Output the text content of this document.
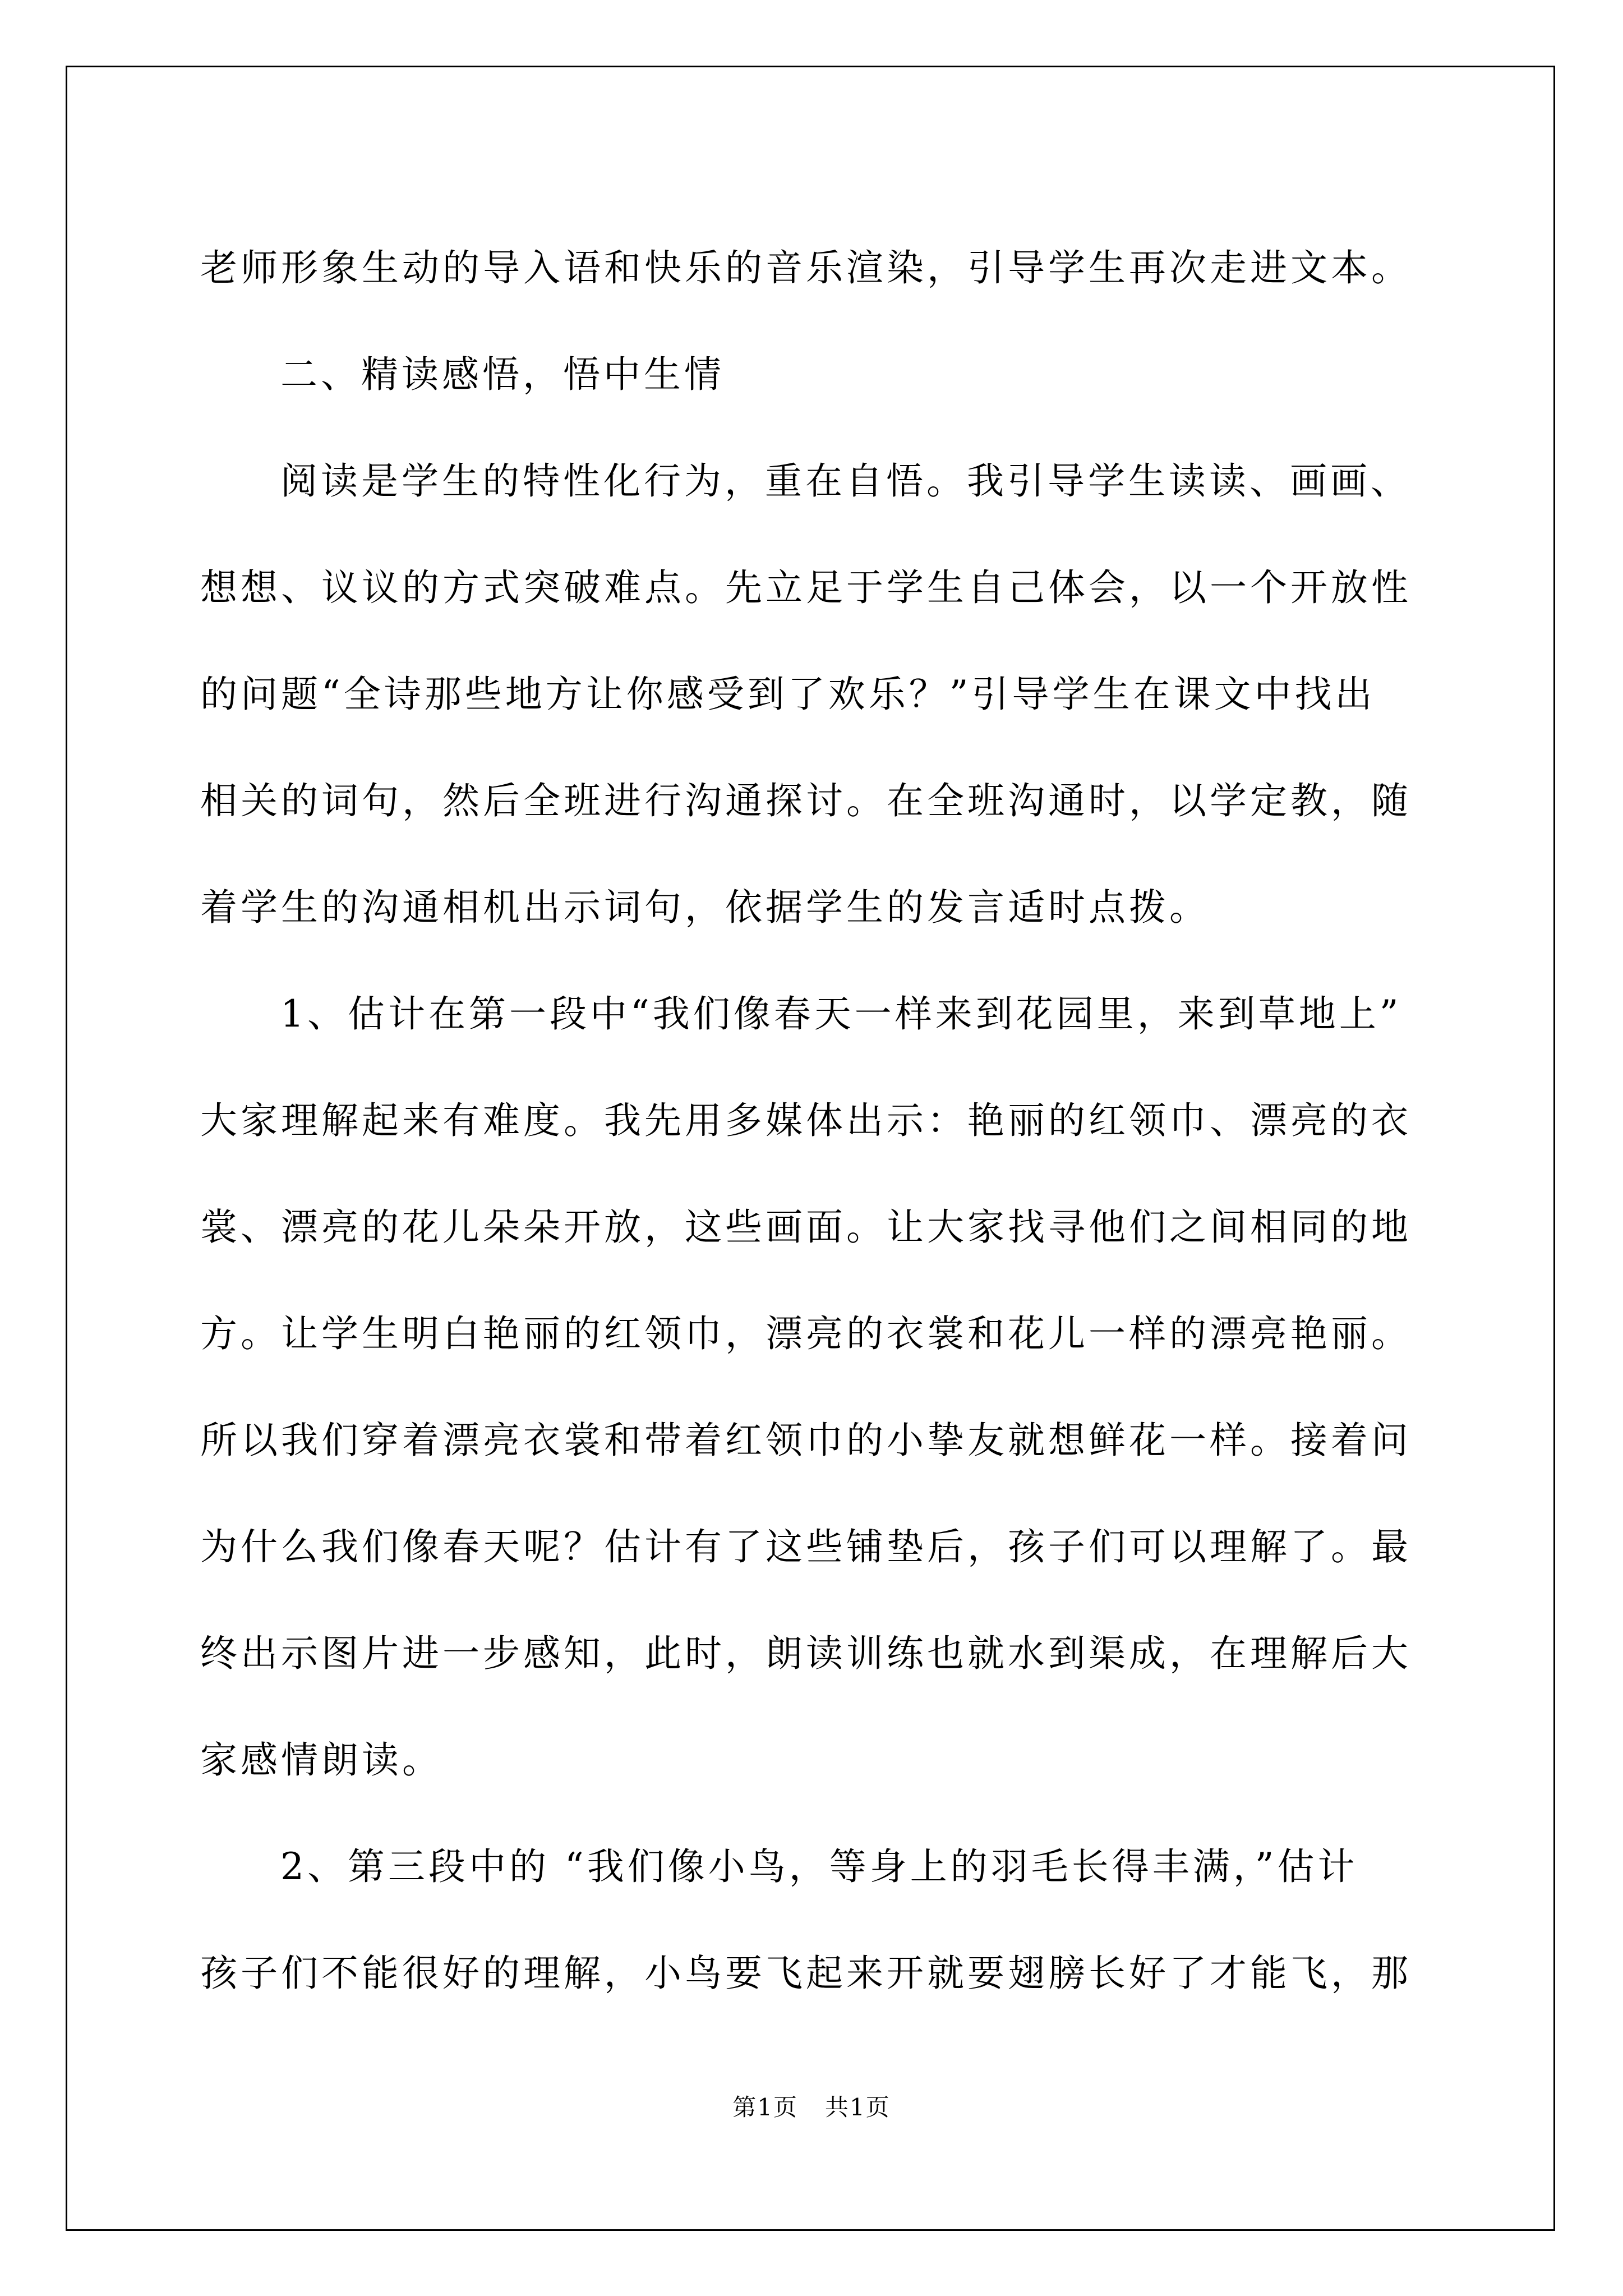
老师形象生动的导入语和快乐的音乐渲染，引导学生再次走进文本。
二、精读感悟，悟中生情
阅读是学生的特性化行为，重在自悟。我引导学生读读、画画、
想想、议议的方式突破难点。先立足于学生自己体会，以一个开放性
的问题“全诗那些地方让你感受到了欢乐？”引导学生在课文中找出
相关的词句，然后全班进行沟通探讨。在全班沟通时，以学定教，随
着学生的沟通相机出示词句，依据学生的发言适时点拨。
1、估计在第一段中“我们像春天一样来到花园里，来到草地上”
大家理解起来有难度。我先用多媒体出示：艳丽的红领巾、漂亮的衣
裳、漂亮的花儿朵朵开放，这些画面。让大家找寻他们之间相同的地
方。让学生明白艳丽的红领巾，漂亮的衣裳和花儿一样的漂亮艳丽。
所以我们穿着漂亮衣裳和带着红领巾的小挚友就想鲜花一样。接着问
为什么我们像春天呢？估计有了这些铺垫后，孩子们可以理解了。最
终出示图片进一步感知，此时，朗读训练也就水到渠成，在理解后大
家感情朗读。
2、第三段中的 “我们像小鸟，等身上的羽毛长得丰满，”估计
孩子们不能很好的理解，小鸟要飞起来开就要翅膀长好了才能飞，那
第1页 共1页
